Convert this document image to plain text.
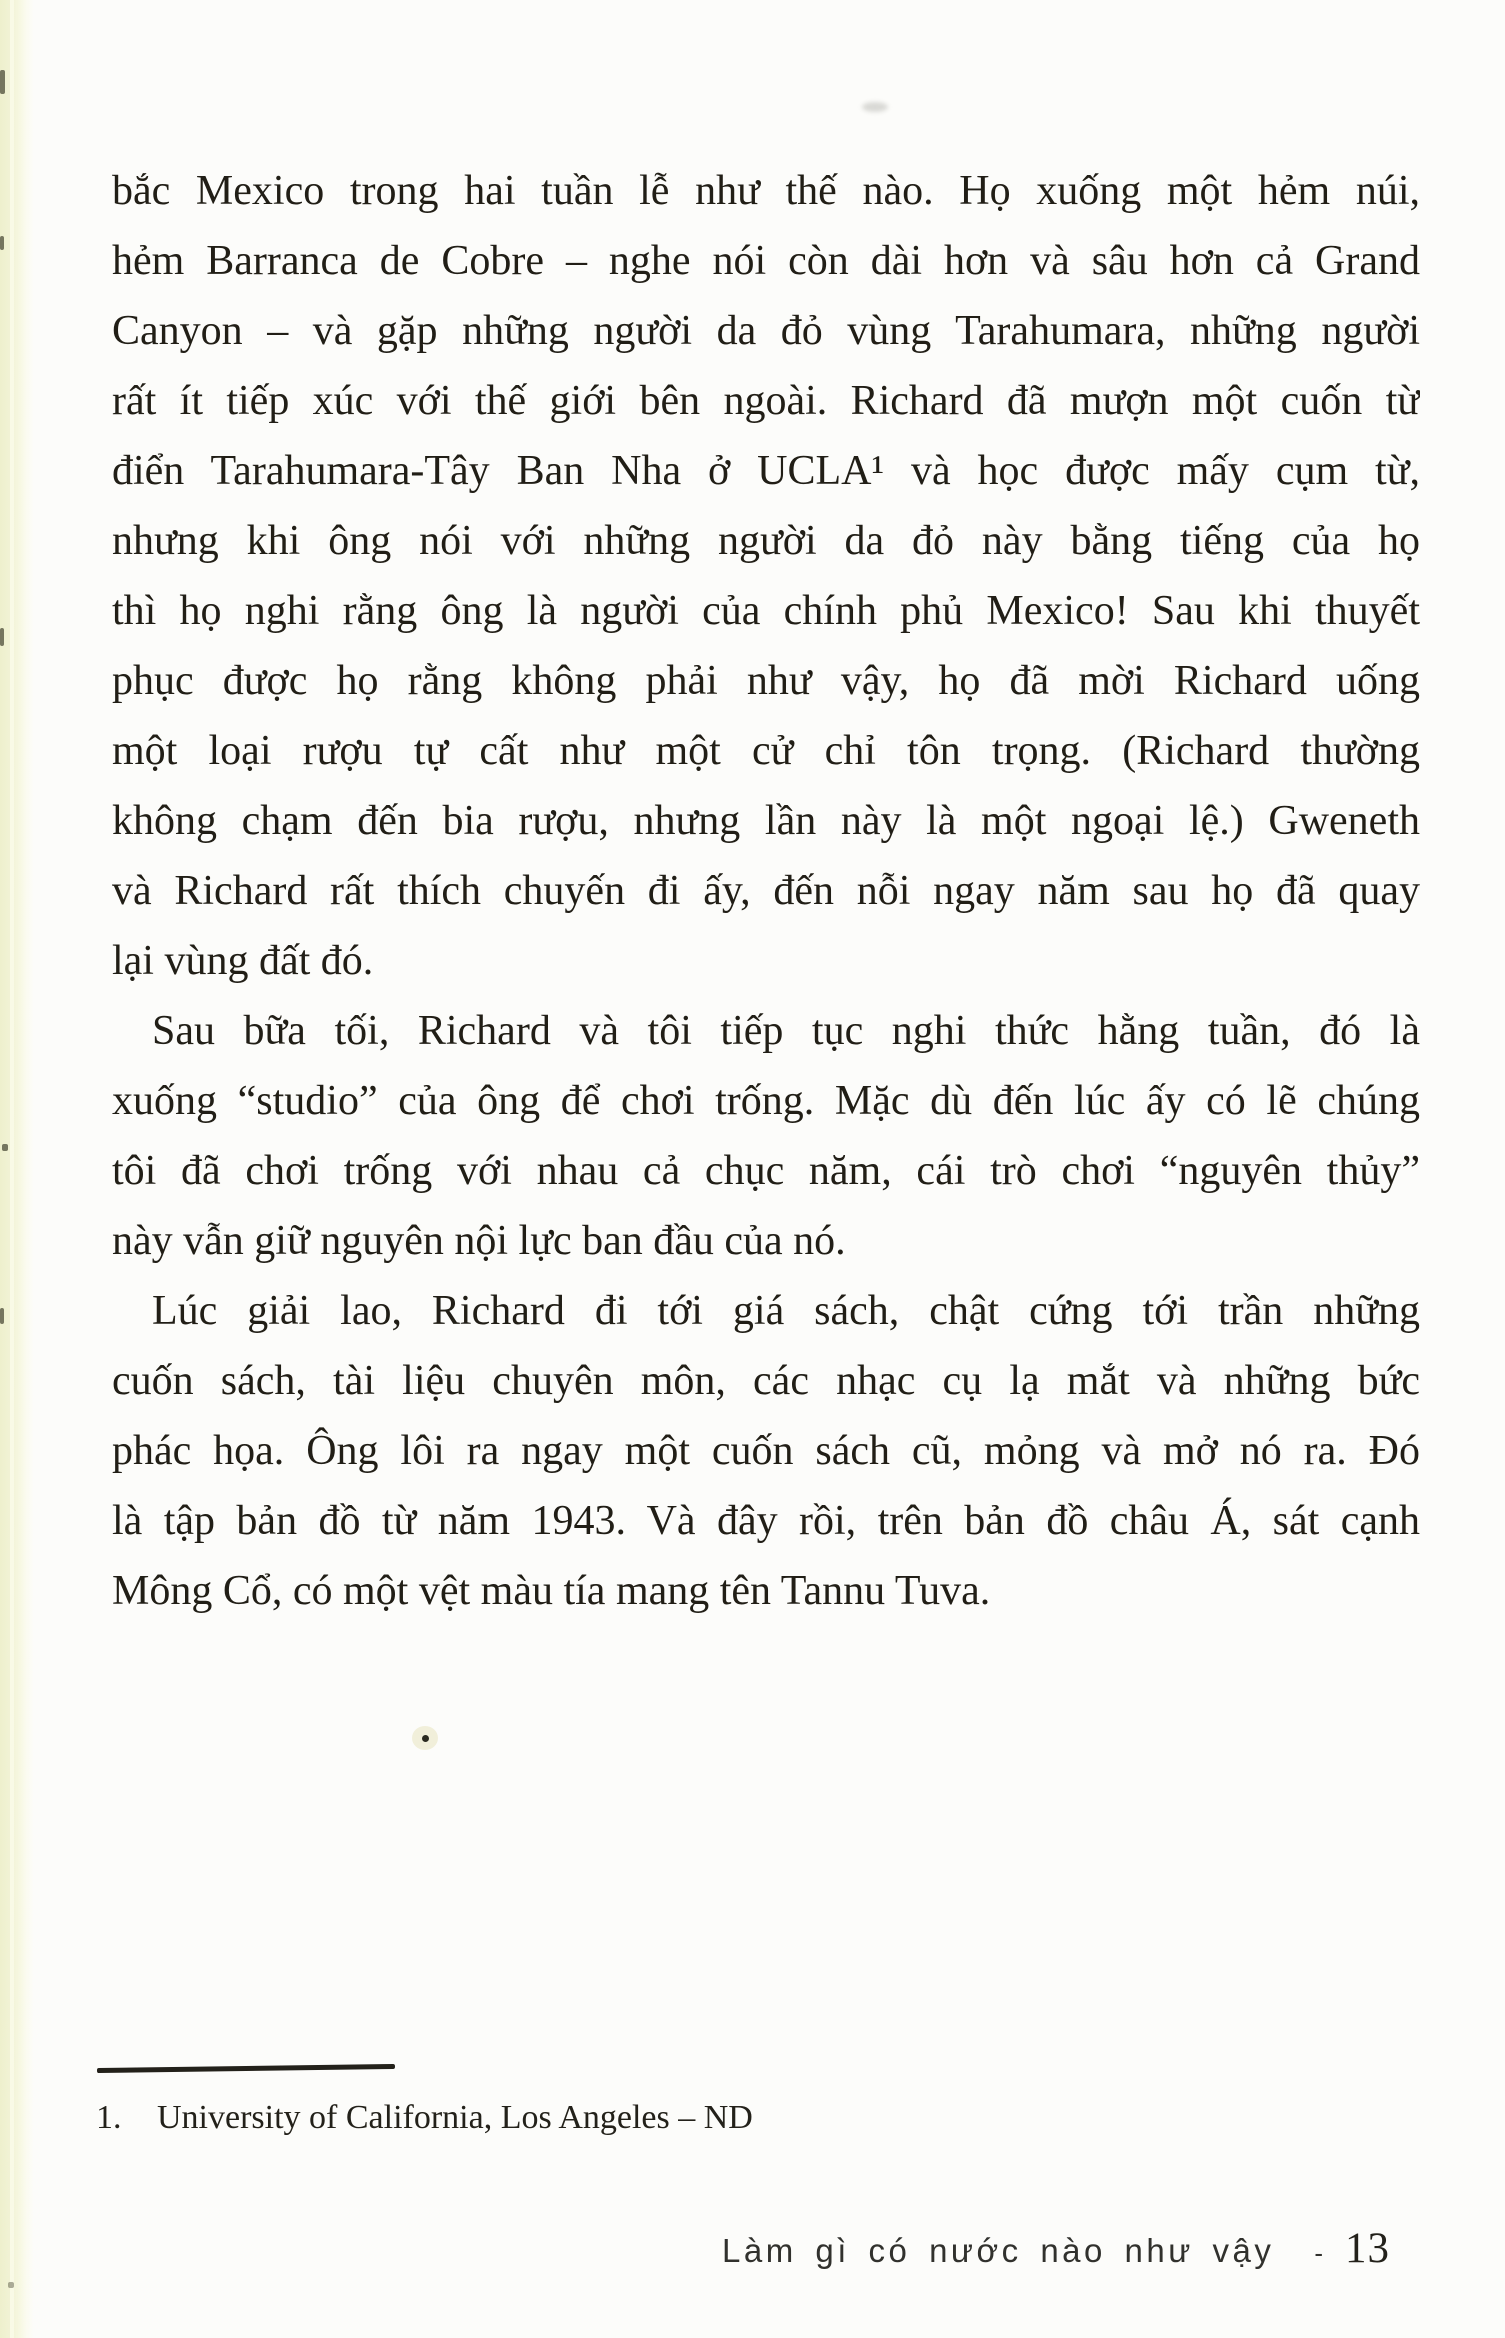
bắc Mexico trong hai tuần lễ như thế nào. Họ xuống một hẻm núi,
hẻm Barranca de Cobre – nghe nói còn dài hơn và sâu hơn cả Grand
Canyon – và gặp những người da đỏ vùng Tarahumara, những người
rất ít tiếp xúc với thế giới bên ngoài. Richard đã mượn một cuốn từ
điển Tarahumara-Tây Ban Nha ở UCLA¹ và học được mấy cụm từ,
nhưng khi ông nói với những người da đỏ này bằng tiếng của họ
thì họ nghi rằng ông là người của chính phủ Mexico! Sau khi thuyết
phục được họ rằng không phải như vậy, họ đã mời Richard uống
một loại rượu tự cất như một cử chỉ tôn trọng. (Richard thường
không chạm đến bia rượu, nhưng lần này là một ngoại lệ.) Gweneth
và Richard rất thích chuyến đi ấy, đến nỗi ngay năm sau họ đã quay
lại vùng đất đó.
Sau bữa tối, Richard và tôi tiếp tục nghi thức hằng tuần, đó là
xuống “studio” của ông để chơi trống. Mặc dù đến lúc ấy có lẽ chúng
tôi đã chơi trống với nhau cả chục năm, cái trò chơi “nguyên thủy”
này vẫn giữ nguyên nội lực ban đầu của nó.
Lúc giải lao, Richard đi tới giá sách, chật cứng tới trần những
cuốn sách, tài liệu chuyên môn, các nhạc cụ lạ mắt và những bức
phác họa. Ông lôi ra ngay một cuốn sách cũ, mỏng và mở nó ra. Đó
là tập bản đồ từ năm 1943. Và đây rồi, trên bản đồ châu Á, sát cạnh
Mông Cổ, có một vệt màu tía mang tên Tannu Tuva.
1. University of California, Los Angeles – ND
Làm gì có nước nào như vậy - 13
